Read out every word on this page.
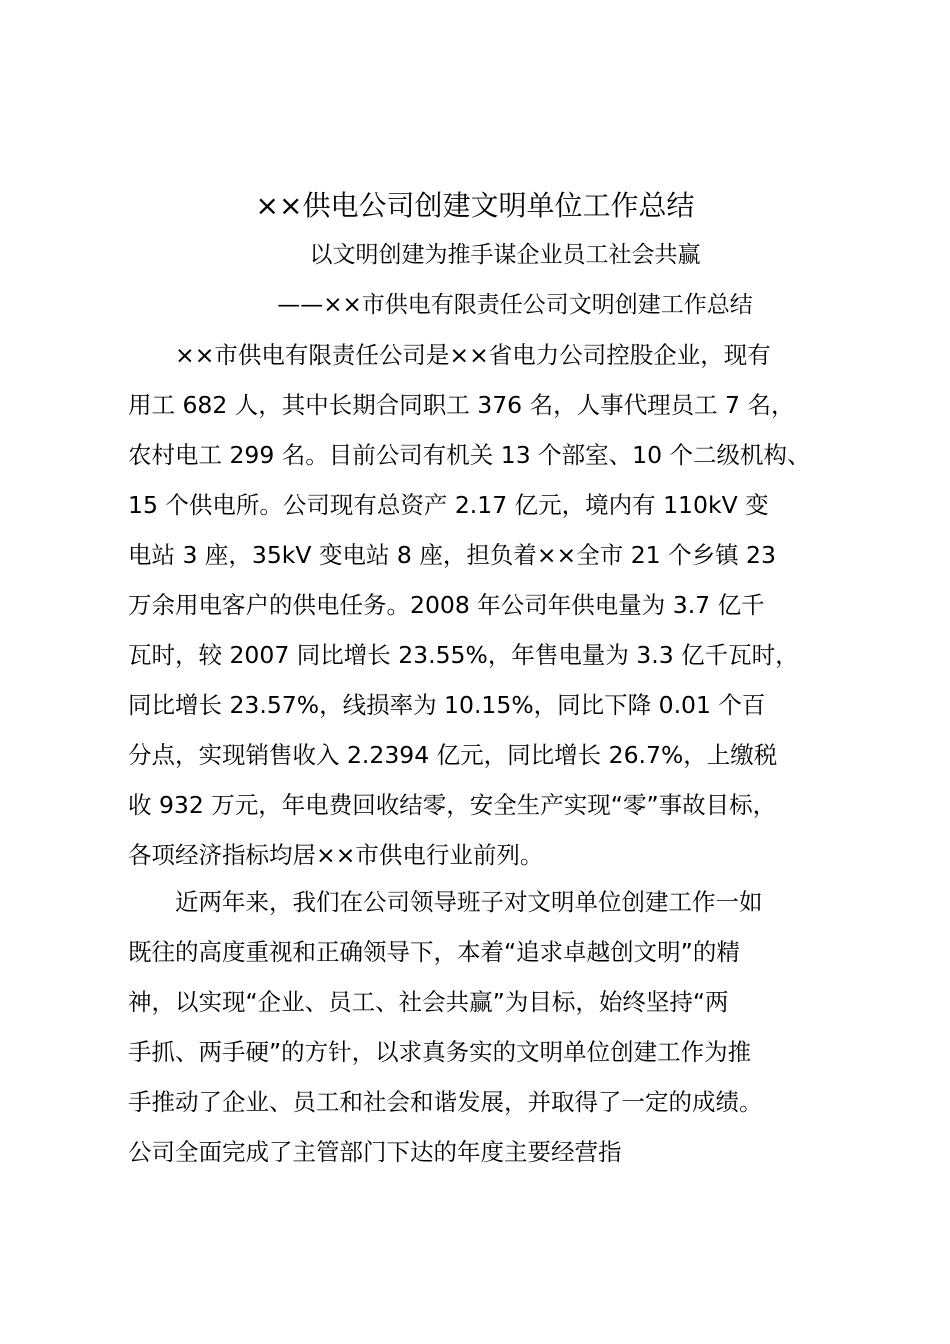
××供电公司创建文明单位工作总结
以文明创建为推手谋企业员工社会共赢
——××市供电有限责任公司文明创建工作总结
　　××市供电有限责任公司是××省电力公司控股企业，现有
用工 682 人，其中长期合同职工 376 名，人事代理员工 7 名，
农村电工 299 名。目前公司有机关 13 个部室、10 个二级机构、
15 个供电所。公司现有总资产 2.17 亿元，境内有 110kV 变
电站 3 座，35kV 变电站 8 座，担负着××全市 21 个乡镇 23
万余用电客户的供电任务。2008 年公司年供电量为 3.7 亿千
瓦时，较 2007 同比增长 23.55%，年售电量为 3.3 亿千瓦时，
同比增长 23.57%，线损率为 10.15%，同比下降 0.01 个百
分点，实现销售收入 2.2394 亿元，同比增长 26.7%，上缴税
收 932 万元，年电费回收结零，安全生产实现“零”事故目标，
各项经济指标均居××市供电行业前列。
　　近两年来，我们在公司领导班子对文明单位创建工作一如
既往的高度重视和正确领导下，本着“追求卓越创文明”的精
神，以实现“企业、员工、社会共赢”为目标，始终坚持“两
手抓、两手硬”的方针，以求真务实的文明单位创建工作为推
手推动了企业、员工和社会和谐发展，并取得了一定的成绩。
公司全面完成了主管部门下达的年度主要经营指
